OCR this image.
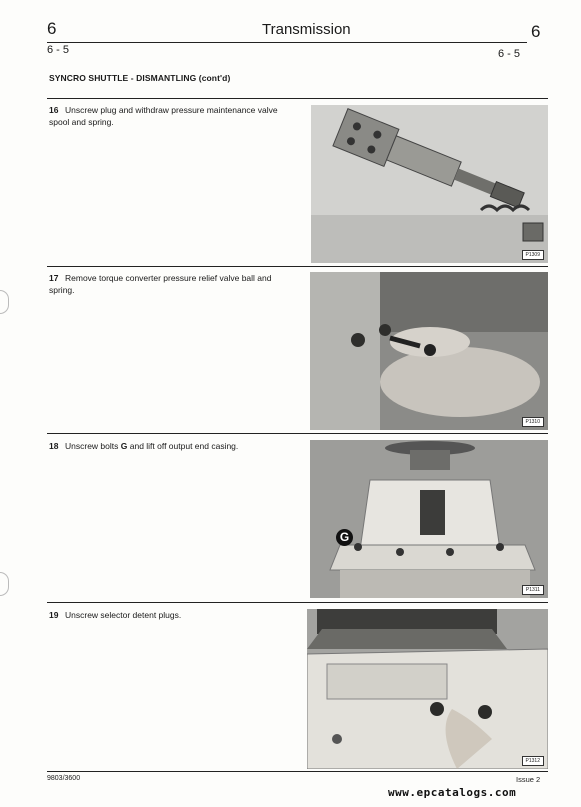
6	Transmission	6
6 - 5	6 - 5
SYNCRO SHUTTLE - DISMANTLING (cont'd)
16 Unscrew plug and withdraw pressure maintenance valve
spool and spring.
P1309
17 Remove torque converter pressure relief valve ball and
spring.
P1310
18 Unscrew bolts G and lift off output end casing.
G
P1311
19 Unscrew selector detent plugs.
P1312
9803/3600	Issue 2
www.epcatalogs.com
